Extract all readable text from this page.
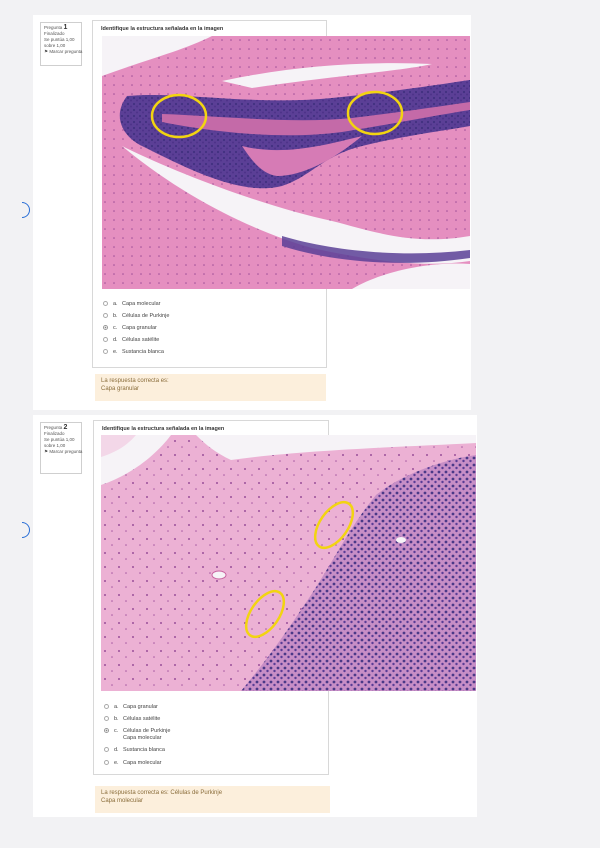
Pregunta 1
Finalizado
Se puntúa 1,00
sobre 1,00
⚑ Marcar pregunta
Identifique la estructura señalada en la imagen
a. Capa molecular
b. Células de Purkinje
c. Capa granular
d. Células satélite
e. Sustancia blanca
La respuesta correcta es:
Capa granular
Pregunta 2
Finalizado
Se puntúa 1,00
sobre 1,00
⚑ Marcar pregunta
Identifique la estructura señalada en la imagen
a. Capa granular
b. Células satélite
c. Células de Purkinje
Capa molecular
d. Sustancia blanca
e. Capa molecular
La respuesta correcta es: Células de Purkinje
Capa molecular
